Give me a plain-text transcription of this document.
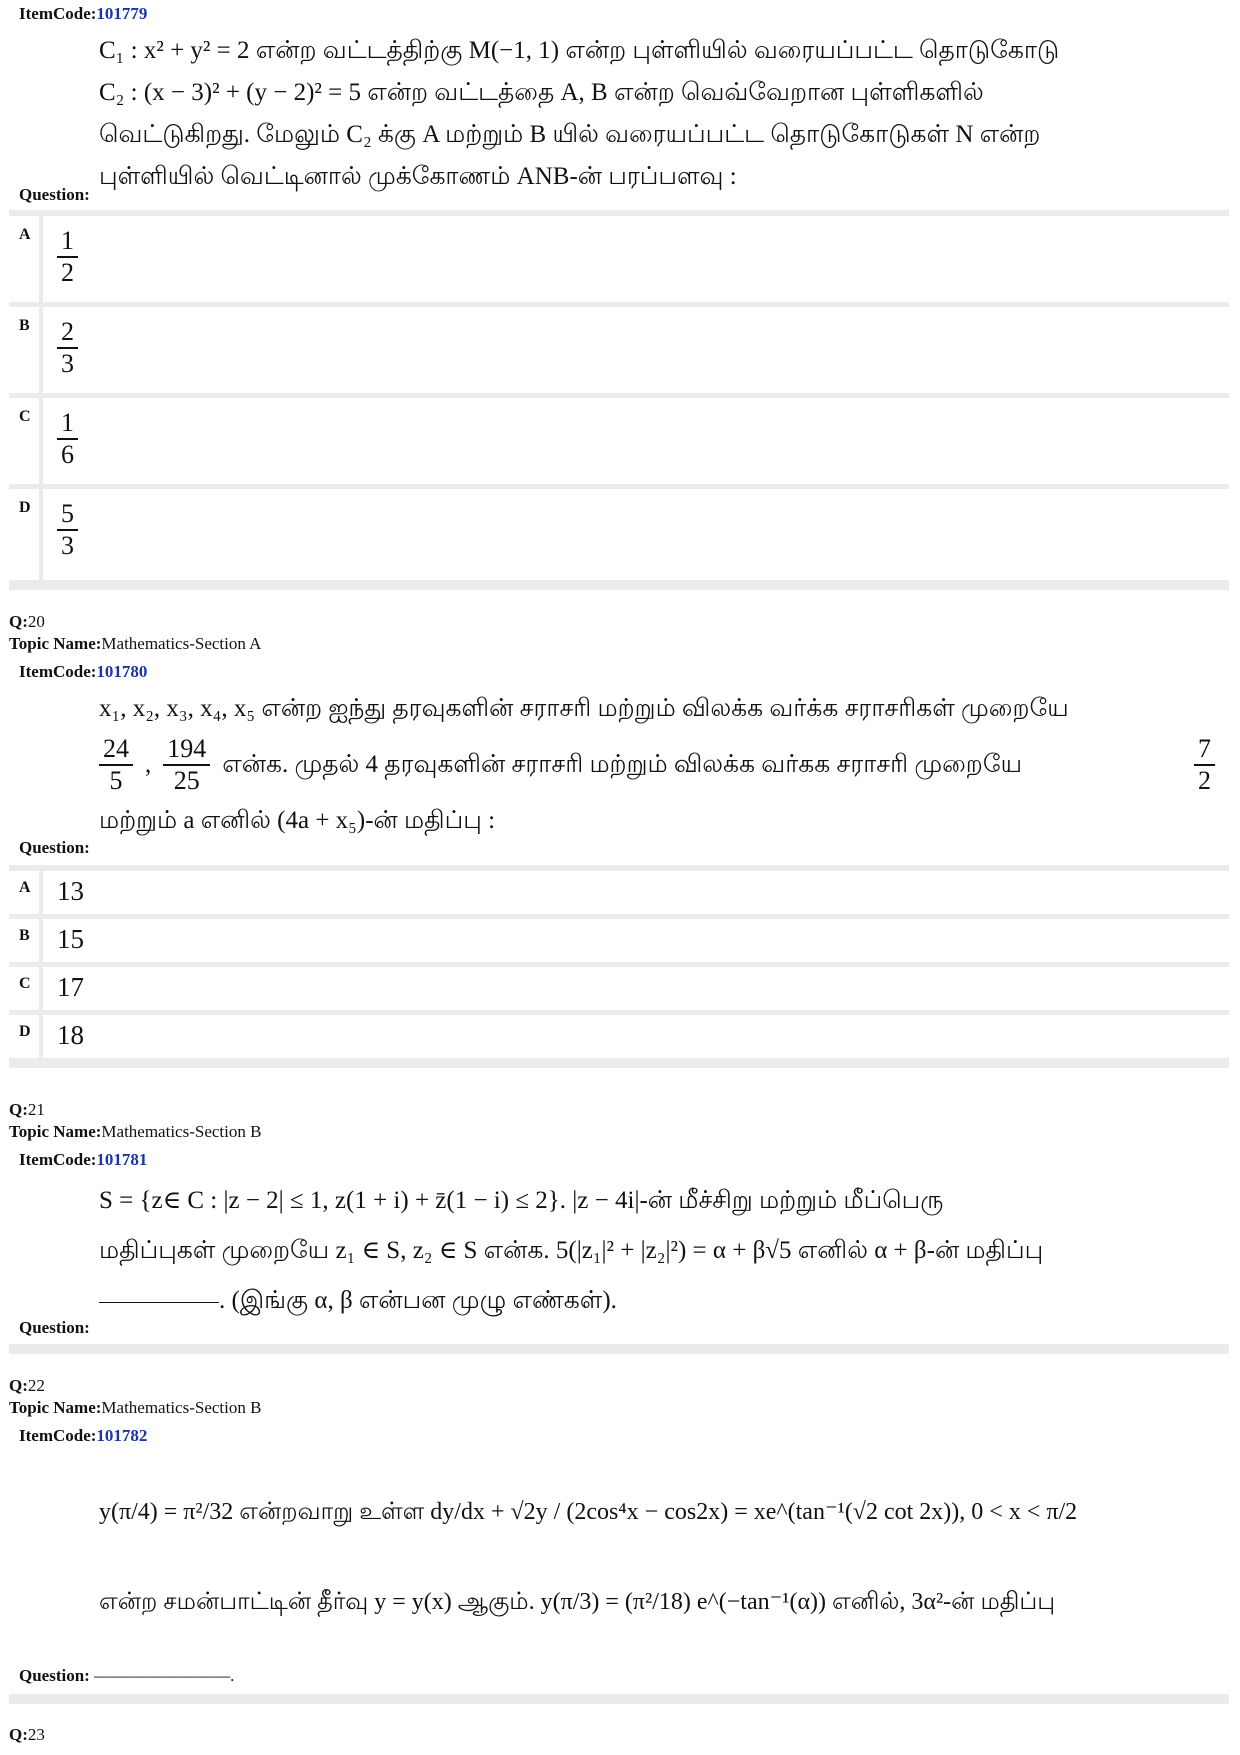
ItemCode:101779
C₁ : x² + y² = 2 என்ற வட்டத்திற்கு M(−1, 1) என்ற புள்ளியில் வரையப்பட்ட தொடுகோடு
C₂ : (x − 3)² + (y − 2)² = 5 என்ற வட்டத்தை A, B என்ற வெவ்வேறான புள்ளிகளில்
வெட்டுகிறது. மேலும் C₂ க்கு A மற்றும் B யில் வரையப்பட்ட தொடுகோடுகள் N என்ற
புள்ளியில் வெட்டினால் முக்கோணம் ANB-ன் பரப்பளவு :
Question:
A $\frac{1}{2}$
B $\frac{2}{3}$
C $\frac{1}{6}$
D $\frac{5}{3}$
Q:20
Topic Name:Mathematics-Section A
ItemCode:101780
x₁, x₂, x₃, x₄, x₅ என்ற ஐந்து தரவுகளின் சராசரி மற்றும் விலக்க வர்க்க சராசரிகள் முறையே
$\frac{24}{5}$ , $\frac{194}{25}$ என்க. முதல் 4 தரவுகளின் சராசரி மற்றும் விலக்க வர்கக சராசரி முறையே	$\frac{7}{2}$
மற்றும் a எனில் (4a + x₅)-ன் மதிப்பு :
Question:
A 13
B 15
C 17
D 18
Q:21
Topic Name:Mathematics-Section B
ItemCode:101781
S = {z∈ C : |z − 2| ≤ 1, z(1 + i) + z̄(1 − i) ≤ 2}. |z − 4i|-ன் மீச்சிறு மற்றும் மீப்பெரு
மதிப்புகள் முறையே z₁ ∈ S, z₂ ∈ S என்க. 5(|z₁|² + |z₂|²) = α + β√5 எனில் α + β-ன் மதிப்பு
. (இங்கு α, β என்பன முழு எண்கள்).
Question:
Q:22
Topic Name:Mathematics-Section B
ItemCode:101782
y(π/4) = π²/32 என்றவாறு உள்ள dy/dx + √2y / (2cos⁴x − cos2x) = xe^(tan⁻¹(√2 cot 2x)), 0 < x < π/2
என்ற சமன்பாட்டின் தீர்வு y = y(x) ஆகும். y(π/3) = (π²/18) e^(−tan⁻¹(α)) எனில், 3α²-ன் மதிப்பு
Question: ————————.
Q:23
